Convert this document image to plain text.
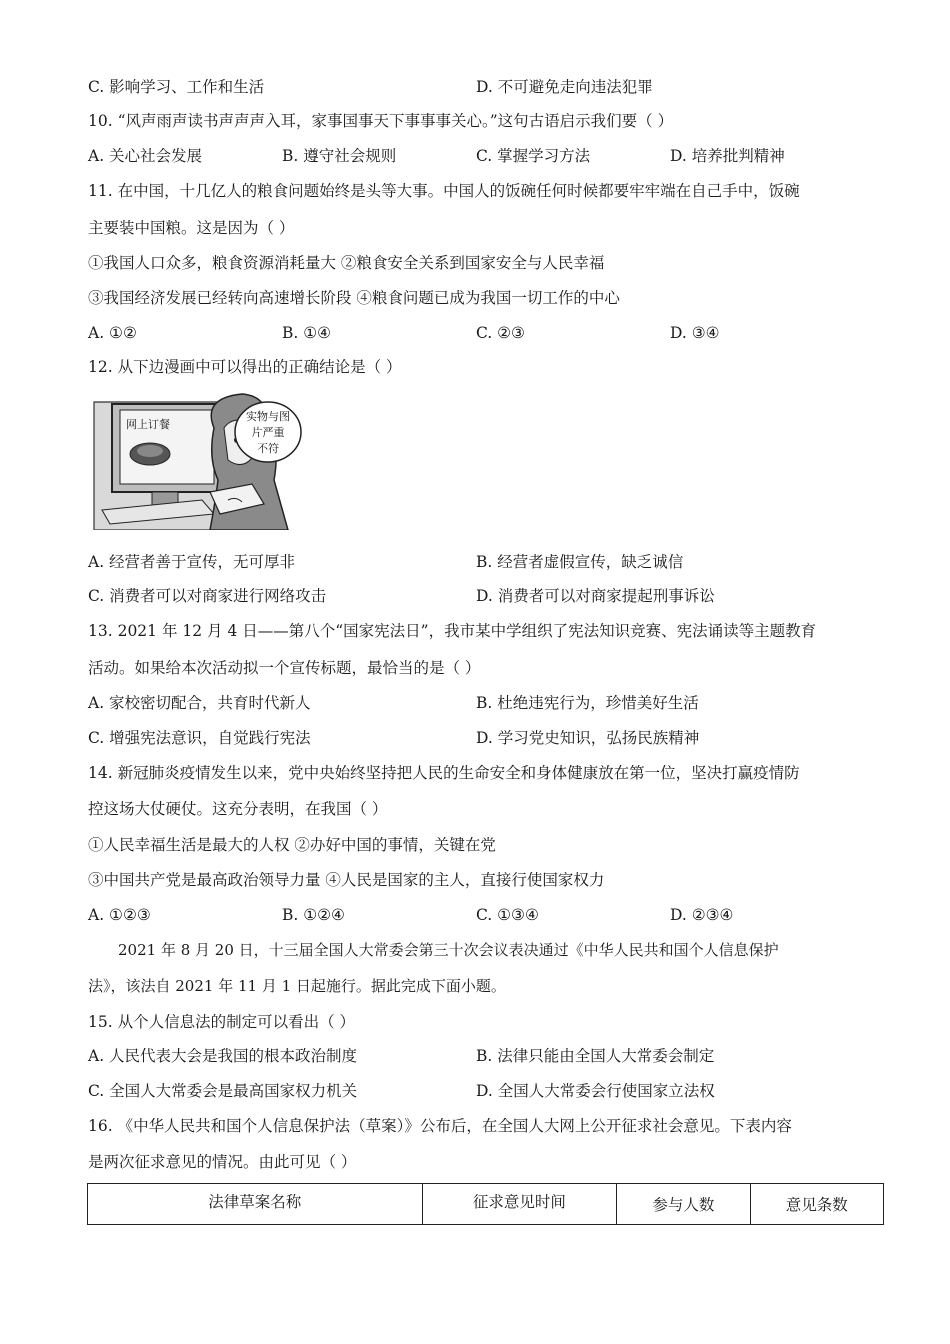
C. 影响学习、工作和生活	D. 不可避免走向违法犯罪
10. “风声雨声读书声声声入耳，家事国事天下事事事关心。”这句古语启示我们要（ ）
A. 关心社会发展	B. 遵守社会规则	C. 掌握学习方法	D. 培养批判精神
11. 在中国，十几亿人的粮食问题始终是头等大事。中国人的饭碗任何时候都要牢牢端在自己手中，饭碗
主要装中国粮。这是因为（ ）
①我国人口众多，粮食资源消耗量大 ②粮食安全关系到国家安全与人民幸福
③我国经济发展已经转向高速增长阶段 ④粮食问题已成为我国一切工作的中心
A. ①②	B. ①④	C. ②③	D. ③④
12. 从下边漫画中可以得出的正确结论是（ ）
网上订餐
实物与图
片严重
不符
A. 经营者善于宣传，无可厚非	B. 经营者虚假宣传，缺乏诚信
C. 消费者可以对商家进行网络攻击	D. 消费者可以对商家提起刑事诉讼
13. 2021 年 12 月 4 日——第八个“国家宪法日”，我市某中学组织了宪法知识竞赛、宪法诵读等主题教育
活动。如果给本次活动拟一个宣传标题，最恰当的是（ ）
A. 家校密切配合，共育时代新人	B. 杜绝违宪行为，珍惜美好生活
C. 增强宪法意识，自觉践行宪法	D. 学习党史知识，弘扬民族精神
14. 新冠肺炎疫情发生以来，党中央始终坚持把人民的生命安全和身体健康放在第一位，坚决打赢疫情防
控这场大仗硬仗。这充分表明，在我国（ ）
①人民幸福生活是最大的人权 ②办好中国的事情，关键在党
③中国共产党是最高政治领导力量 ④人民是国家的主人，直接行使国家权力
A. ①②③	B. ①②④	C. ①③④	D. ②③④
2021 年 8 月 20 日，十三届全国人大常委会第三十次会议表决通过《中华人民共和国个人信息保护
法》，该法自 2021 年 11 月 1 日起施行。据此完成下面小题。
15. 从个人信息法的制定可以看出（ ）
A. 人民代表大会是我国的根本政治制度	B. 法律只能由全国人大常委会制定
C. 全国人大常委会是最高国家权力机关	D. 全国人大常委会行使国家立法权
16. 《中华人民共和国个人信息保护法（草案）》公布后，在全国人大网上公开征求社会意见。下表内容
是两次征求意见的情况。由此可见（ ）
法律草案名称	征求意见时间	参与人数	意见条数
